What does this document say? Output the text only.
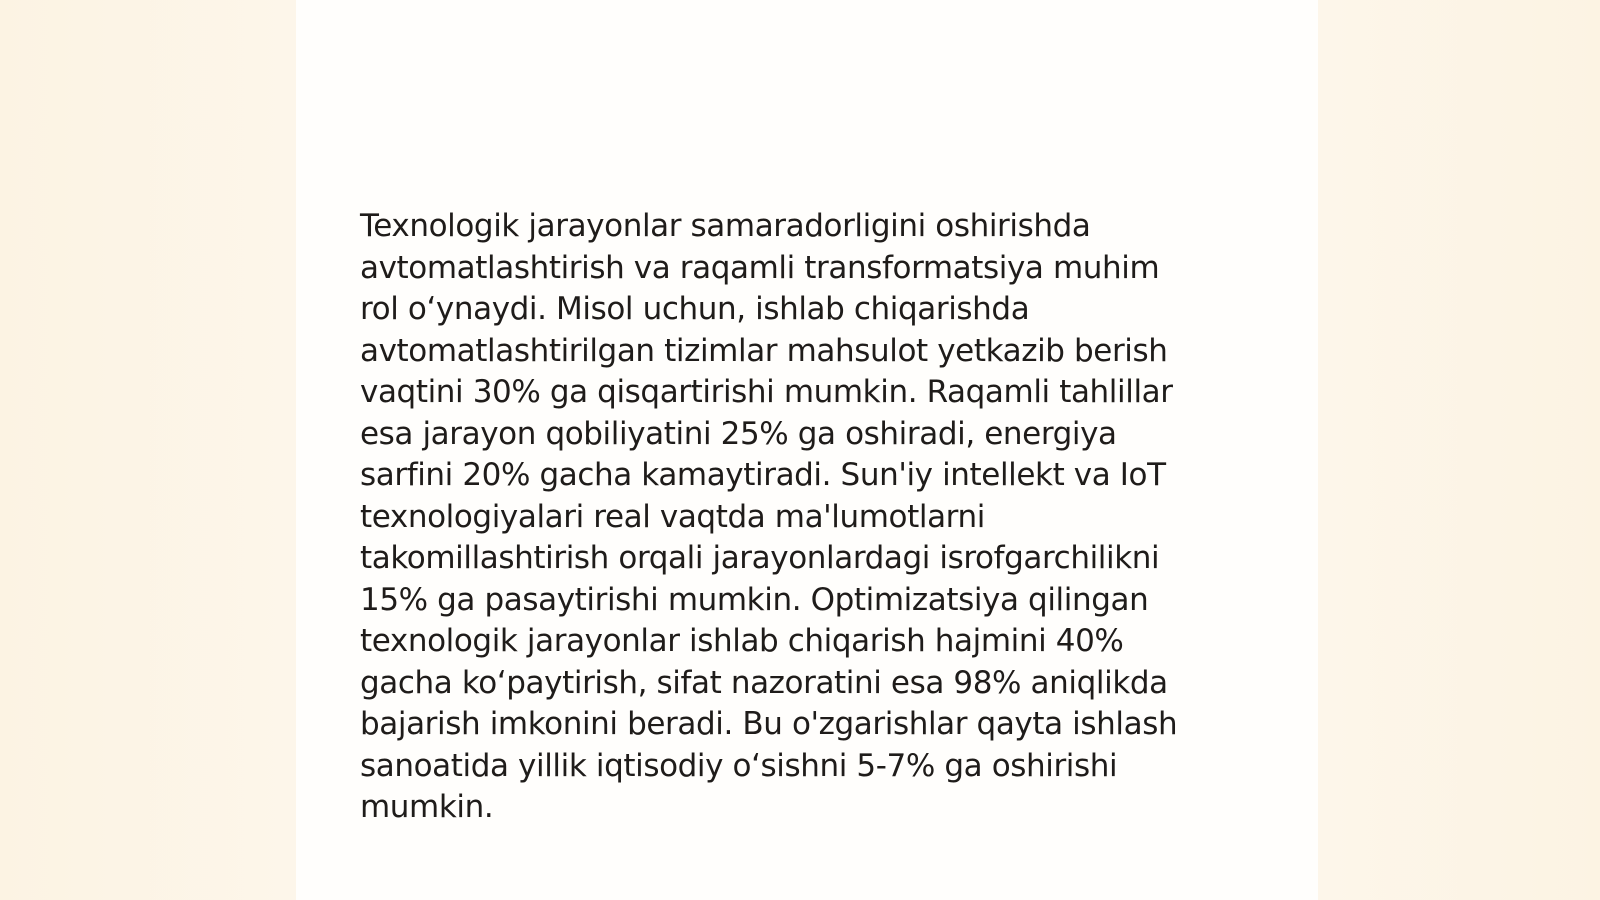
Texnologik jarayonlar samaradorligini oshirishda
avtomatlashtirish va raqamli transformatsiya muhim
rol o‘ynaydi. Misol uchun, ishlab chiqarishda
avtomatlashtirilgan tizimlar mahsulot yetkazib berish
vaqtini 30% ga qisqartirishi mumkin. Raqamli tahlillar
esa jarayon qobiliyatini 25% ga oshiradi, energiya
sarfini 20% gacha kamaytiradi. Sun'iy intellekt va IoT
texnologiyalari real vaqtda ma'lumotlarni
takomillashtirish orqali jarayonlardagi isrofgarchilikni
15% ga pasaytirishi mumkin. Optimizatsiya qilingan
texnologik jarayonlar ishlab chiqarish hajmini 40%
gacha ko‘paytirish, sifat nazoratini esa 98% aniqlikda
bajarish imkonini beradi. Bu o'zgarishlar qayta ishlash
sanoatida yillik iqtisodiy o‘sishni 5-7% ga oshirishi
mumkin.
